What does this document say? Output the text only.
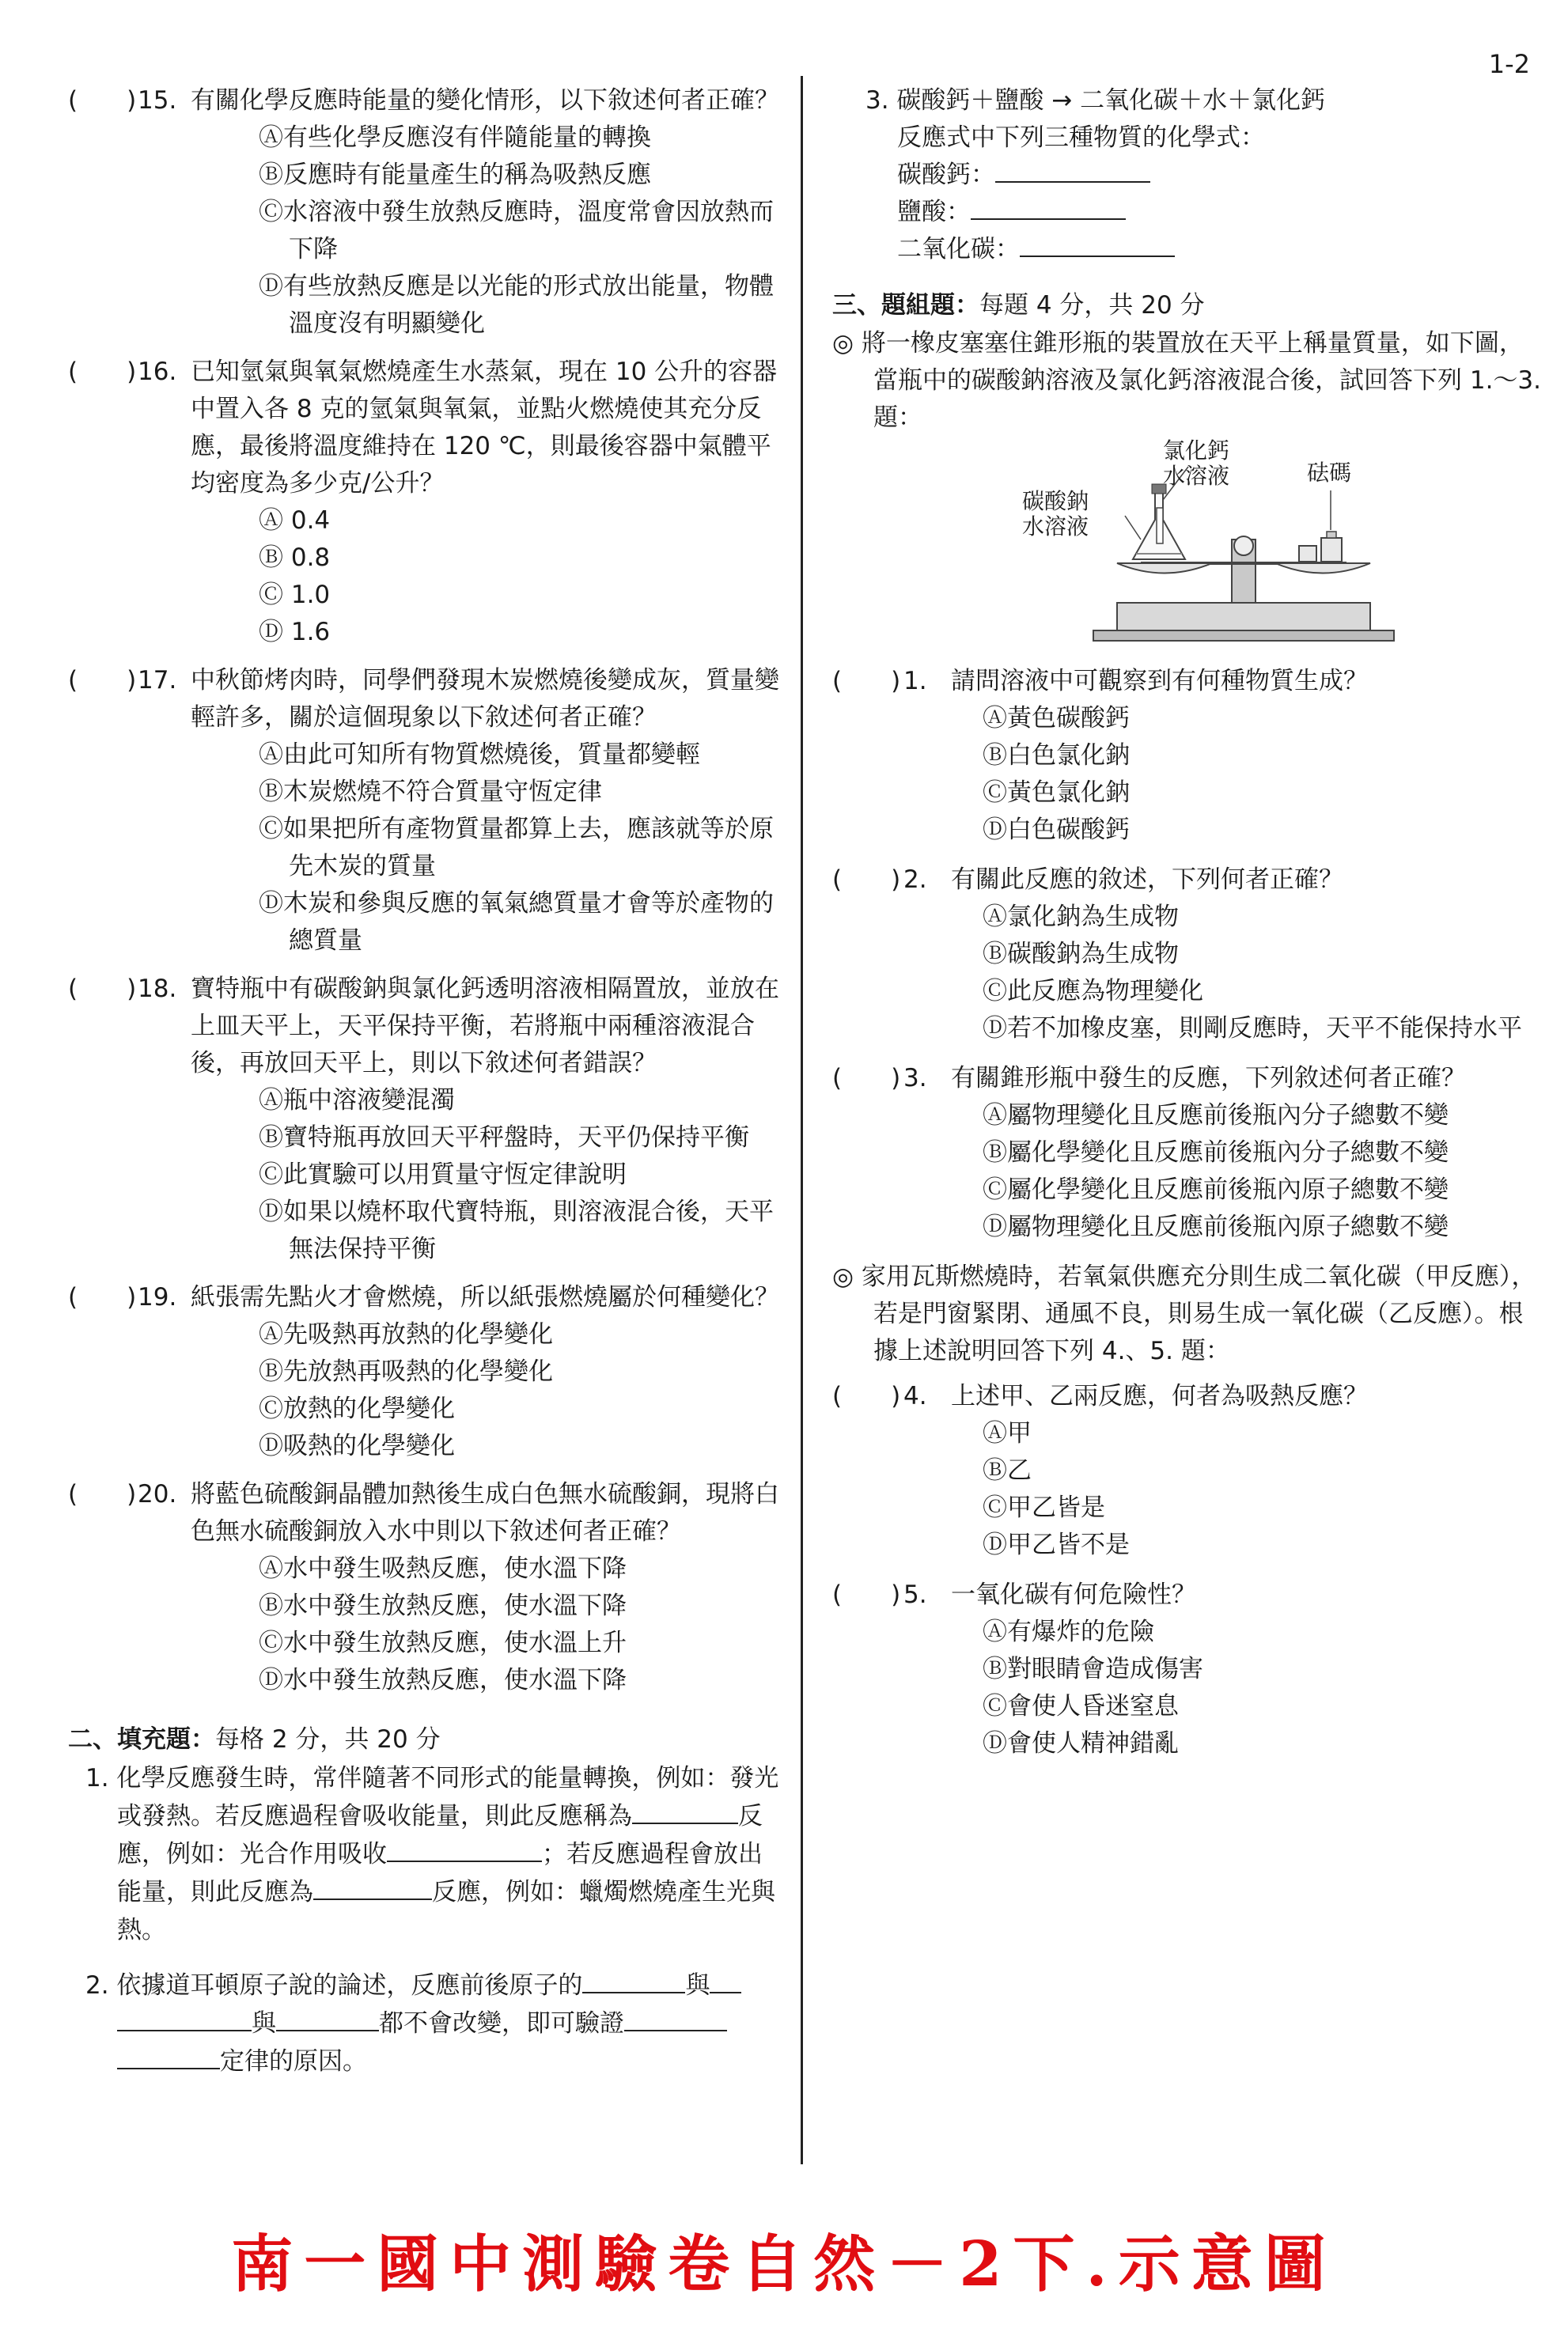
1-2
(　　) 15. 有關化學反應時能量的變化情形，以下敘述何者正確？
Ⓐ有些化學反應沒有伴隨能量的轉換
Ⓑ反應時有能量產生的稱為吸熱反應
Ⓒ水溶液中發生放熱反應時，溫度常會因放熱而下降
Ⓓ有些放熱反應是以光能的形式放出能量，物體溫度沒有明顯變化
(　　) 16. 已知氫氣與氧氣燃燒產生水蒸氣，現在 10 公升的容器中置入各 8 克的氫氣與氧氣，並點火燃燒使其充分反應，最後將溫度維持在 120 ℃，則最後容器中氣體平均密度為多少克/公升？
Ⓐ 0.4
Ⓑ 0.8
Ⓒ 1.0
Ⓓ 1.6
(　　) 17. 中秋節烤肉時，同學們發現木炭燃燒後變成灰，質量變輕許多，關於這個現象以下敘述何者正確？
Ⓐ由此可知所有物質燃燒後，質量都變輕
Ⓑ木炭燃燒不符合質量守恆定律
Ⓒ如果把所有產物質量都算上去，應該就等於原先木炭的質量
Ⓓ木炭和參與反應的氧氣總質量才會等於產物的總質量
(　　) 18. 寶特瓶中有碳酸鈉與氯化鈣透明溶液相隔置放，並放在上皿天平上，天平保持平衡，若將瓶中兩種溶液混合後，再放回天平上，則以下敘述何者錯誤？
Ⓐ瓶中溶液變混濁
Ⓑ寶特瓶再放回天平秤盤時，天平仍保持平衡
Ⓒ此實驗可以用質量守恆定律說明
Ⓓ如果以燒杯取代寶特瓶，則溶液混合後，天平無法保持平衡
(　　) 19. 紙張需先點火才會燃燒，所以紙張燃燒屬於何種變化？
Ⓐ先吸熱再放熱的化學變化
Ⓑ先放熱再吸熱的化學變化
Ⓒ放熱的化學變化
Ⓓ吸熱的化學變化
(　　) 20. 將藍色硫酸銅晶體加熱後生成白色無水硫酸銅，現將白色無水硫酸銅放入水中則以下敘述何者正確？
Ⓐ水中發生吸熱反應，使水溫下降
Ⓑ水中發生放熱反應，使水溫下降
Ⓒ水中發生放熱反應，使水溫上升
Ⓓ水中發生放熱反應，使水溫下降
二、填充題：每格 2 分，共 20 分
1. 化學反應發生時，常伴隨著不同形式的能量轉換，例如：發光或發熱。若反應過程會吸收能量，則此反應稱為	反應，例如：光合作用吸收	；若反應過程會放出能量，則此反應為	反應，例如：蠟燭燃燒產生光與熱。
2. 依據道耳頓原子說的論述，反應前後原子的	與與	都不會改變，即可驗證定律的原因。
3. 碳酸鈣＋鹽酸 → 二氧化碳＋水＋氯化鈣
反應式中下列三種物質的化學式：
碳酸鈣：
鹽酸：
二氧化碳：
三、題組題：每題 4 分，共 20 分
◎ 將一橡皮塞塞住錐形瓶的裝置放在天平上稱量質量，如下圖，當瓶中的碳酸鈉溶液及氯化鈣溶液混合後，試回答下列 1.～3. 題：
氯化鈣
水溶液
碳酸鈉
水溶液
砝碼
(　　) 1. 請問溶液中可觀察到有何種物質生成？
Ⓐ黃色碳酸鈣
Ⓑ白色氯化鈉
Ⓒ黃色氯化鈉
Ⓓ白色碳酸鈣
(　　) 2. 有關此反應的敘述，下列何者正確？
Ⓐ氯化鈉為生成物
Ⓑ碳酸鈉為生成物
Ⓒ此反應為物理變化
Ⓓ若不加橡皮塞，則剛反應時，天平不能保持水平
(　　) 3. 有關錐形瓶中發生的反應，下列敘述何者正確？
Ⓐ屬物理變化且反應前後瓶內分子總數不變
Ⓑ屬化學變化且反應前後瓶內分子總數不變
Ⓒ屬化學變化且反應前後瓶內原子總數不變
Ⓓ屬物理變化且反應前後瓶內原子總數不變
◎ 家用瓦斯燃燒時，若氧氣供應充分則生成二氧化碳（甲反應），若是門窗緊閉、通風不良，則易生成一氧化碳（乙反應）。根據上述說明回答下列 4.、5. 題：
(　　) 4. 上述甲、乙兩反應，何者為吸熱反應？
Ⓐ甲
Ⓑ乙
Ⓒ甲乙皆是
Ⓓ甲乙皆不是
(　　) 5. 一氧化碳有何危險性？
Ⓐ有爆炸的危險
Ⓑ對眼睛會造成傷害
Ⓒ會使人昏迷窒息
Ⓓ會使人精神錯亂
南一國中測驗卷自然－2下.示意圖
